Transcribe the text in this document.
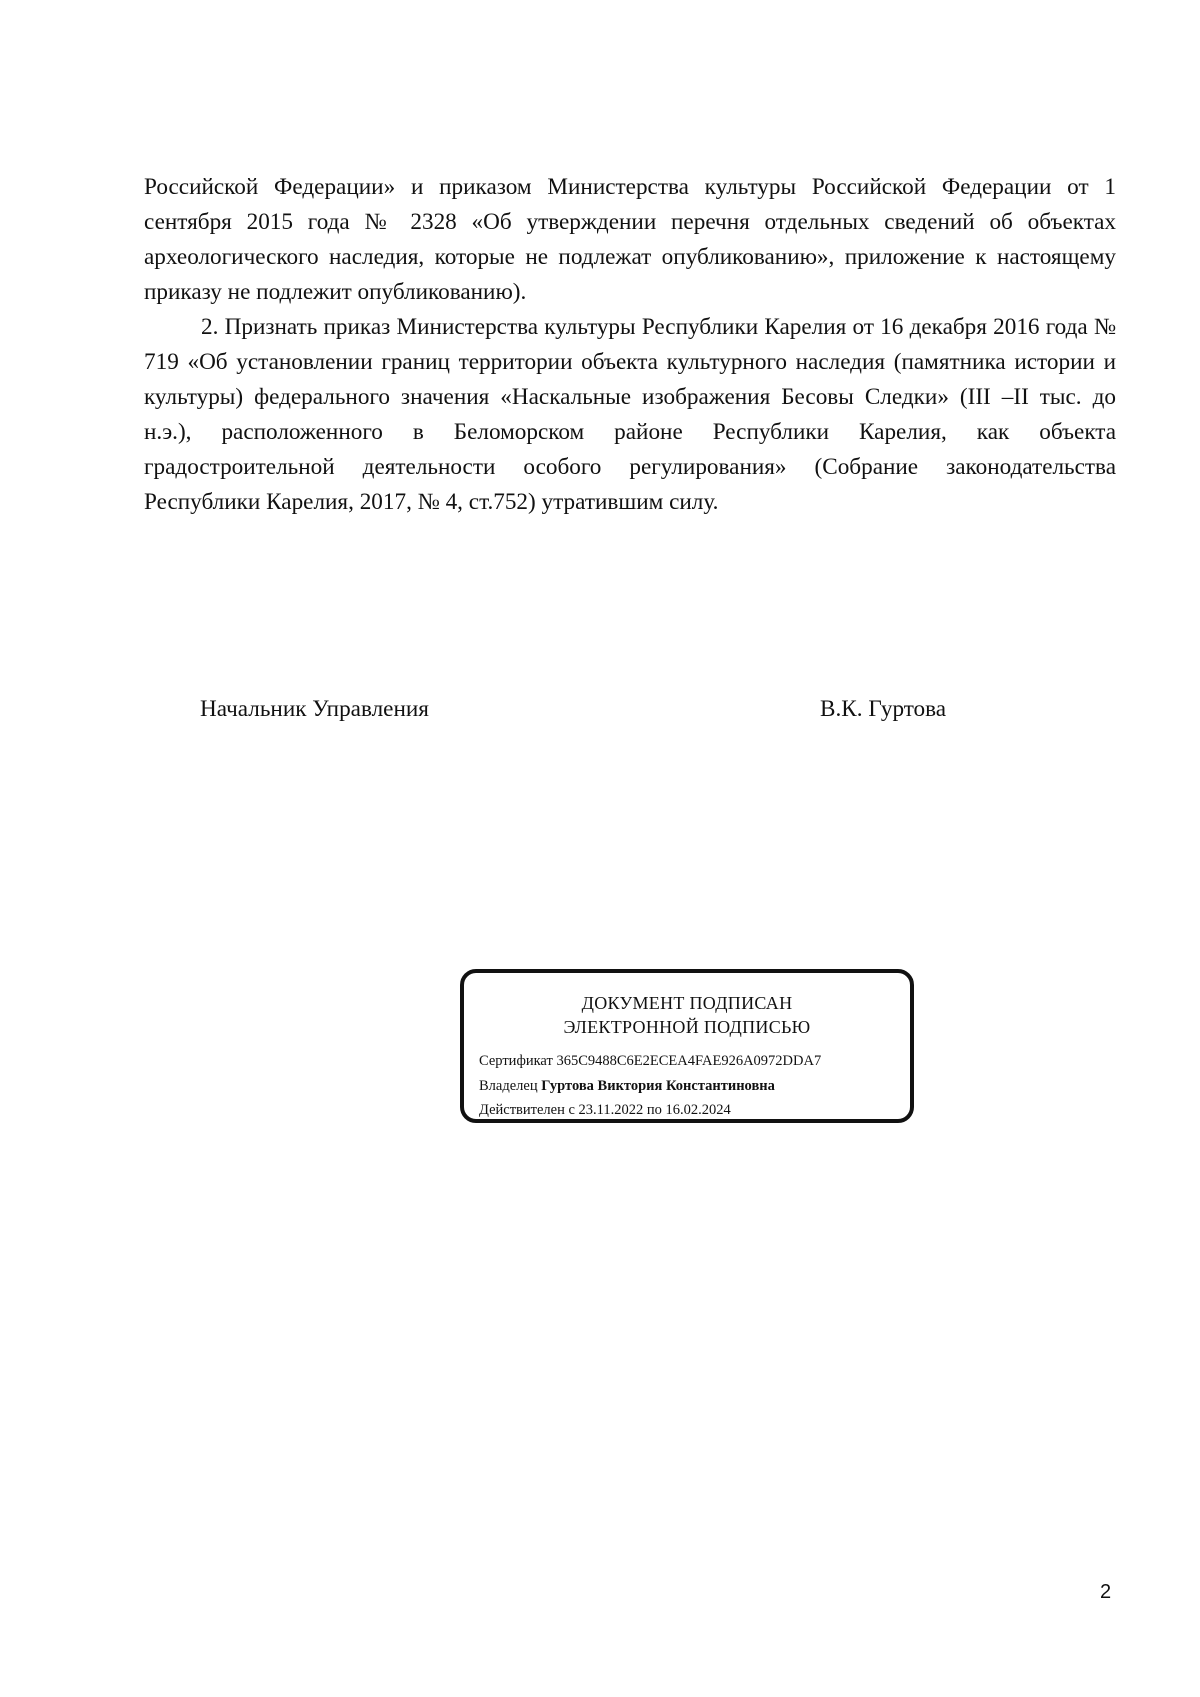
Российской Федерации» и приказом Министерства культуры Российской Федерации от 1 сентября 2015 года № 2328 «Об утверждении перечня отдельных сведений об объектах археологического наследия, которые не подлежат опубликованию», приложение к настоящему приказу не подлежит опубликованию).

2. Признать приказ Министерства культуры Республики Карелия от 16 декабря 2016 года № 719 «Об установлении границ территории объекта культурного наследия (памятника истории и культуры) федерального значения «Наскальные изображения Бесовы Следки» (III –II тыс. до н.э.), расположенного в Беломорском районе Республики Карелия, как объекта градостроительной деятельности особого регулирования» (Собрание законодательства Республики Карелия, 2017, № 4, ст.752) утратившим силу.

Начальник Управления	В.К. Гуртова
ДОКУМЕНТ ПОДПИСАН
ЭЛЕКТРОННОЙ ПОДПИСЬЮ
Сертификат 365C9488C6E2ECEA4FAE926A0972DDA7
Владелец Гуртова Виктория Константиновна
Действителен с 23.11.2022 по 16.02.2024
2
